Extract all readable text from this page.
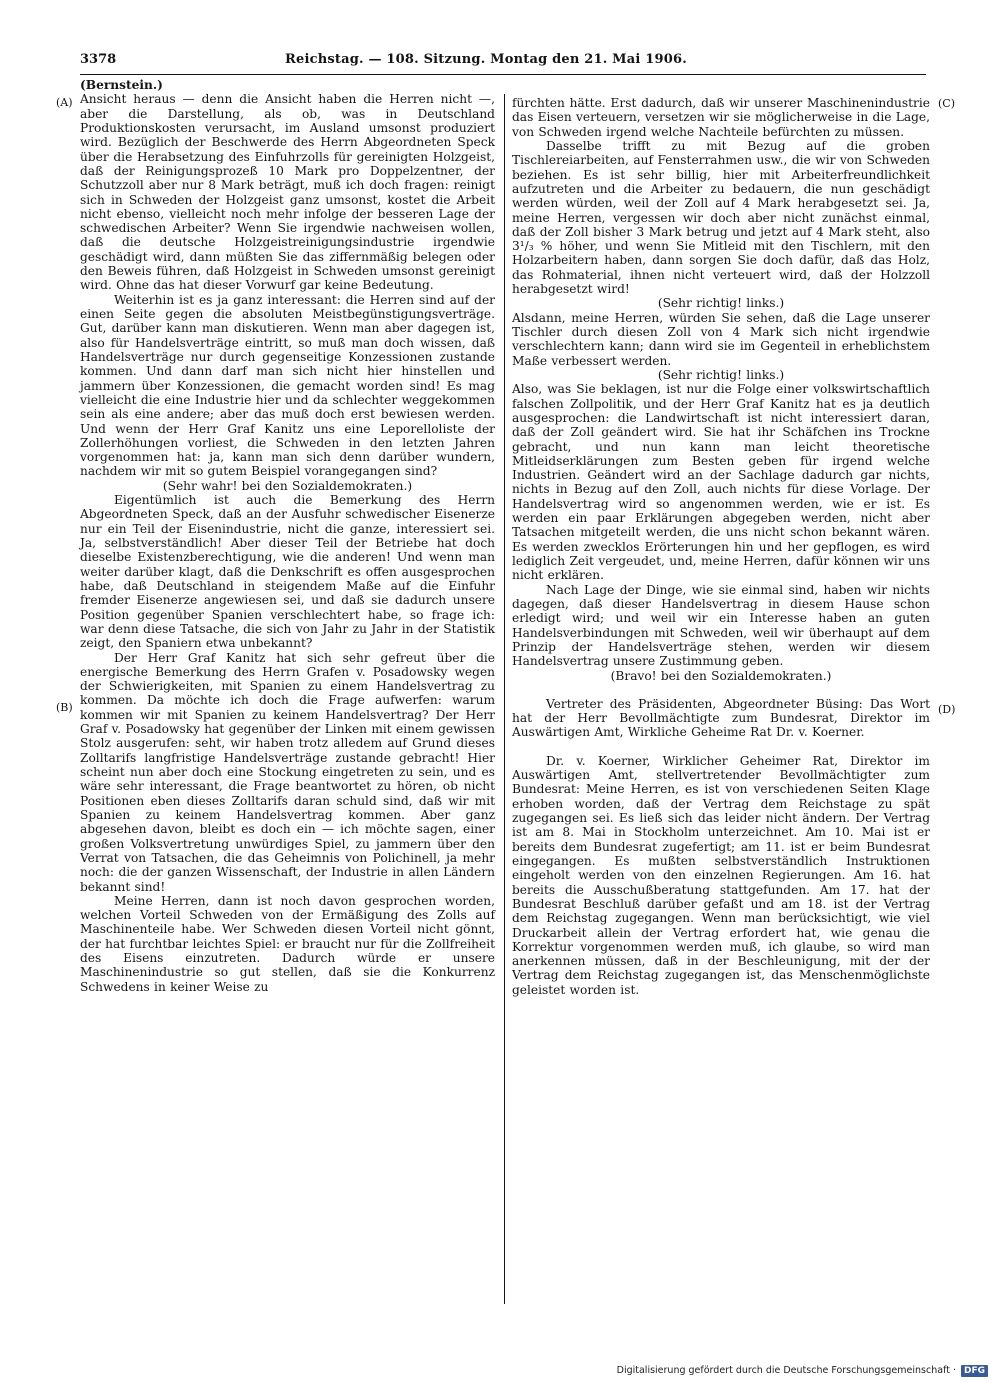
3378	Reichstag. — 108. Sitzung. Montag den 21. Mai 1906.
(A)
(B)
(C)
(D)

(Bernstein.)

Ansicht heraus — denn die Ansicht haben die Herren nicht —, aber die Darstellung, als ob, was in Deutschland Produktionskosten verursacht, im Ausland umsonst produziert wird. Bezüglich der Beschwerde des Herrn Abgeordneten Speck über die Herabsetzung des Einfuhrzolls für gereinigten Holzgeist, daß der Reinigungsprozeß 10 Mark pro Doppelzentner, der Schutzzoll aber nur 8 Mark beträgt, muß ich doch fragen: reinigt sich in Schweden der Holzgeist ganz umsonst, kostet die Arbeit nicht ebenso, vielleicht noch mehr infolge der besseren Lage der schwedischen Arbeiter? Wenn Sie irgendwie nachweisen wollen, daß die deutsche Holzgeistreinigungsindustrie irgendwie geschädigt wird, dann müßten Sie das ziffernmäßig belegen oder den Beweis führen, daß Holzgeist in Schweden umsonst gereinigt wird. Ohne das hat dieser Vorwurf gar keine Bedeutung.

Weiterhin ist es ja ganz interessant: die Herren sind auf der einen Seite gegen die absoluten Meistbegünstigungsverträge. Gut, darüber kann man diskutieren. Wenn man aber dagegen ist, also für Handelsverträge eintritt, so muß man doch wissen, daß Handelsverträge nur durch gegenseitige Konzessionen zustande kommen. Und dann darf man sich nicht hier hinstellen und jammern über Konzessionen, die gemacht worden sind! Es mag vielleicht die eine Industrie hier und da schlechter weggekommen sein als eine andere; aber das muß doch erst bewiesen werden. Und wenn der Herr Graf Kanitz uns eine Leporelloliste der Zollerhöhungen vorliest, die Schweden in den letzten Jahren vorgenommen hat: ja, kann man sich denn darüber wundern, nachdem wir mit so gutem Beispiel vorangegangen sind?

(Sehr wahr! bei den Sozialdemokraten.)

Eigentümlich ist auch die Bemerkung des Herrn Abgeordneten Speck, daß an der Ausfuhr schwedischer Eisenerze nur ein Teil der Eisenindustrie, nicht die ganze, interessiert sei. Ja, selbstverständlich! Aber dieser Teil der Betriebe hat doch dieselbe Existenzberechtigung, wie die anderen! Und wenn man weiter darüber klagt, daß die Denkschrift es offen ausgesprochen habe, daß Deutschland in steigendem Maße auf die Einfuhr fremder Eisenerze angewiesen sei, und daß sie dadurch unsere Position gegenüber Spanien verschlechtert habe, so frage ich: war denn diese Tatsache, die sich von Jahr zu Jahr in der Statistik zeigt, den Spaniern etwa unbekannt?

Der Herr Graf Kanitz hat sich sehr gefreut über die energische Bemerkung des Herrn Grafen v. Posadowsky wegen der Schwierigkeiten, mit Spanien zu einem Handelsvertrag zu kommen. Da möchte ich doch die Frage aufwerfen: warum kommen wir mit Spanien zu keinem Handelsvertrag? Der Herr Graf v. Posadowsky hat gegenüber der Linken mit einem gewissen Stolz ausgerufen: seht, wir haben trotz alledem auf Grund dieses Zolltarifs langfristige Handelsverträge zustande gebracht! Hier scheint nun aber doch eine Stockung eingetreten zu sein, und es wäre sehr interessant, die Frage beantwortet zu hören, ob nicht Positionen eben dieses Zolltarifs daran schuld sind, daß wir mit Spanien zu keinem Handelsvertrag kommen. Aber ganz abgesehen davon, bleibt es doch ein — ich möchte sagen, einer großen Volksvertretung unwürdiges Spiel, zu jammern über den Verrat von Tatsachen, die das Geheimnis von Polichinell, ja mehr noch: die der ganzen Wissenschaft, der Industrie in allen Ländern bekannt sind!

Meine Herren, dann ist noch davon gesprochen worden, welchen Vorteil Schweden von der Ermäßigung des Zolls auf Maschinenteile habe. Wer Schweden diesen Vorteil nicht gönnt, der hat furchtbar leichtes Spiel: er braucht nur für die Zollfreiheit des Eisens einzutreten. Dadurch würde er unsere Maschinenindustrie so gut stellen, daß sie die Konkurrenz Schwedens in keiner Weise zu

fürchten hätte. Erst dadurch, daß wir unserer Maschinenindustrie das Eisen verteuern, versetzen wir sie möglicherweise in die Lage, von Schweden irgend welche Nachteile befürchten zu müssen.

Dasselbe trifft zu mit Bezug auf die groben Tischlereiarbeiten, auf Fensterrahmen usw., die wir von Schweden beziehen. Es ist sehr billig, hier mit Arbeiterfreundlichkeit aufzutreten und die Arbeiter zu bedauern, die nun geschädigt werden würden, weil der Zoll auf 4 Mark herabgesetzt sei. Ja, meine Herren, vergessen wir doch aber nicht zunächst einmal, daß der Zoll bisher 3 Mark betrug und jetzt auf 4 Mark steht, also 3¹/₃ % höher, und wenn Sie Mitleid mit den Tischlern, mit den Holzarbeitern haben, dann sorgen Sie doch dafür, daß das Holz, das Rohmaterial, ihnen nicht verteuert wird, daß der Holzzoll herabgesetzt wird!

(Sehr richtig! links.)

Alsdann, meine Herren, würden Sie sehen, daß die Lage unserer Tischler durch diesen Zoll von 4 Mark sich nicht irgendwie verschlechtern kann; dann wird sie im Gegenteil in erheblichstem Maße verbessert werden.

(Sehr richtig! links.)

Also, was Sie beklagen, ist nur die Folge einer volkswirtschaftlich falschen Zollpolitik, und der Herr Graf Kanitz hat es ja deutlich ausgesprochen: die Landwirtschaft ist nicht interessiert daran, daß der Zoll geändert wird. Sie hat ihr Schäfchen ins Trockne gebracht, und nun kann man leicht theoretische Mitleidserklärungen zum Besten geben für irgend welche Industrien. Geändert wird an der Sachlage dadurch gar nichts, nichts in Bezug auf den Zoll, auch nichts für diese Vorlage. Der Handelsvertrag wird so angenommen werden, wie er ist. Es werden ein paar Erklärungen abgegeben werden, nicht aber Tatsachen mitgeteilt werden, die uns nicht schon bekannt wären. Es werden zwecklos Erörterungen hin und her gepflogen, es wird lediglich Zeit vergeudet, und, meine Herren, dafür können wir uns nicht erklären.

Nach Lage der Dinge, wie sie einmal sind, haben wir nichts dagegen, daß dieser Handelsvertrag in diesem Hause schon erledigt wird; und weil wir ein Interesse haben an guten Handelsverbindungen mit Schweden, weil wir überhaupt auf dem Prinzip der Handelsverträge stehen, werden wir diesem Handelsvertrag unsere Zustimmung geben.

(Bravo! bei den Sozialdemokraten.)

Vertreter des Präsidenten, Abgeordneter Büsing: Das Wort hat der Herr Bevollmächtigte zum Bundesrat, Direktor im Auswärtigen Amt, Wirkliche Geheime Rat Dr. v. Koerner.

Dr. v. Koerner, Wirklicher Geheimer Rat, Direktor im Auswärtigen Amt, stellvertretender Bevollmächtigter zum Bundesrat: Meine Herren, es ist von verschiedenen Seiten Klage erhoben worden, daß der Vertrag dem Reichstage zu spät zugegangen sei. Es ließ sich das leider nicht ändern. Der Vertrag ist am 8. Mai in Stockholm unterzeichnet. Am 10. Mai ist er bereits dem Bundesrat zugefertigt; am 11. ist er beim Bundesrat eingegangen. Es mußten selbstverständlich Instruktionen eingeholt werden von den einzelnen Regierungen. Am 16. hat bereits die Ausschußberatung stattgefunden. Am 17. hat der Bundesrat Beschluß darüber gefaßt und am 18. ist der Vertrag dem Reichstag zugegangen. Wenn man berücksichtigt, wie viel Druckarbeit allein der Vertrag erfordert hat, wie genau die Korrektur vorgenommen werden muß, ich glaube, so wird man anerkennen müssen, daß in der Beschleunigung, mit der der Vertrag dem Reichstag zugegangen ist, das Menschenmöglichste geleistet worden ist.

Digitalisierung gefördert durch die Deutsche Forschungsgemeinschaft · DFG
